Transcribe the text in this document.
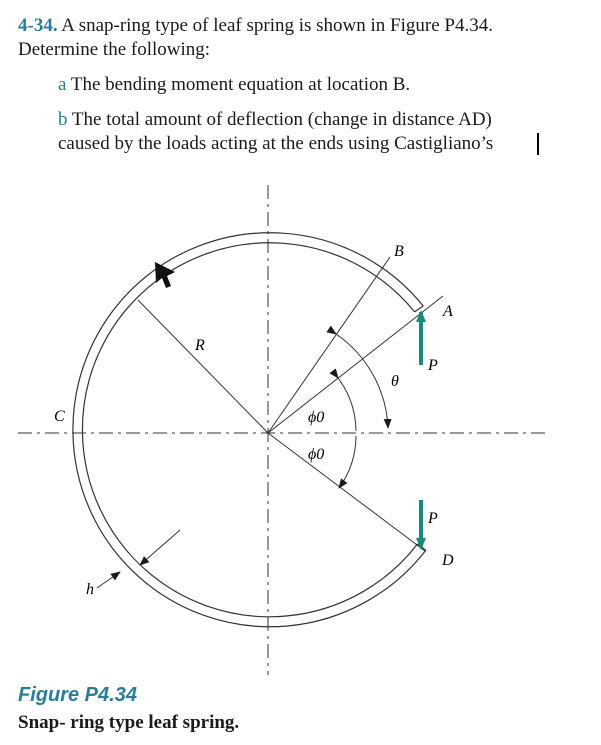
4-34. A snap-ring type of leaf spring is shown in Figure P4.34.
Determine the following:
a The bending moment equation at location B.
b The total amount of deflection (change in distance AD)
caused by the loads acting at the ends using Castigliano’s
B
A
R
θ
P
C	ϕ0
ϕ0
P
D
h
Figure P4.34
Snap- ring type leaf spring.
